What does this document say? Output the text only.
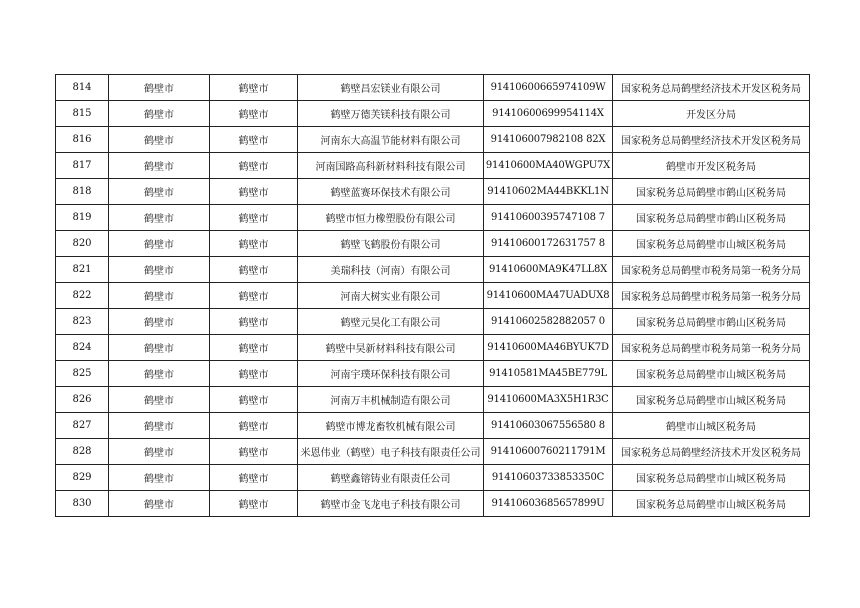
814	鹤壁市	鹤壁市	鹤壁昌宏镁业有限公司	91410600665974109W	国家税务总局鹤壁经济技术开发区税务局
815	鹤壁市	鹤壁市	鹤壁万德芙镁科技有限公司	91410600699954114X	开发区分局
816	鹤壁市	鹤壁市	河南东大高温节能材料有限公司	914106007982108 82X	国家税务总局鹤壁经济技术开发区税务局
817	鹤壁市	鹤壁市	河南国路高科新材料科技有限公司	91410600MA40WGPU7X	鹤壁市开发区税务局
818	鹤壁市	鹤壁市	鹤壁蓝赛环保技术有限公司	91410602MA44BKKL1N	国家税务总局鹤壁市鹤山区税务局
819	鹤壁市	鹤壁市	鹤壁市恒力橡塑股份有限公司	91410600395747108 7	国家税务总局鹤壁市鹤山区税务局
820	鹤壁市	鹤壁市	鹤壁飞鹤股份有限公司	91410600172631757 8	国家税务总局鹤壁市山城区税务局
821	鹤壁市	鹤壁市	美瑞科技（河南）有限公司	91410600MA9K47LL8X	国家税务总局鹤壁市税务局第一税务分局
822	鹤壁市	鹤壁市	河南大树实业有限公司	91410600MA47UADUX8	国家税务总局鹤壁市税务局第一税务分局
823	鹤壁市	鹤壁市	鹤壁元昊化工有限公司	91410602582882057 0	国家税务总局鹤壁市鹤山区税务局
824	鹤壁市	鹤壁市	鹤壁中昊新材料科技有限公司	91410600MA46BYUK7D	国家税务总局鹤壁市税务局第一税务分局
825	鹤壁市	鹤壁市	河南宇璞环保科技有限公司	91410581MA45BE779L	国家税务总局鹤壁市山城区税务局
826	鹤壁市	鹤壁市	河南万丰机械制造有限公司	91410600MA3X5H1R3C	国家税务总局鹤壁市山城区税务局
827	鹤壁市	鹤壁市	鹤壁市博龙畜牧机械有限公司	91410603067556580 8	鹤壁市山城区税务局
828	鹤壁市	鹤壁市	米恩伟业（鹤壁）电子科技有限责任公司	91410600760211791M	国家税务总局鹤壁经济技术开发区税务局
829	鹤壁市	鹤壁市	鹤壁鑫镕铸业有限责任公司	91410603733853350C	国家税务总局鹤壁市山城区税务局
830	鹤壁市	鹤壁市	鹤壁市金飞龙电子科技有限公司	91410603685657899U	国家税务总局鹤壁市山城区税务局
